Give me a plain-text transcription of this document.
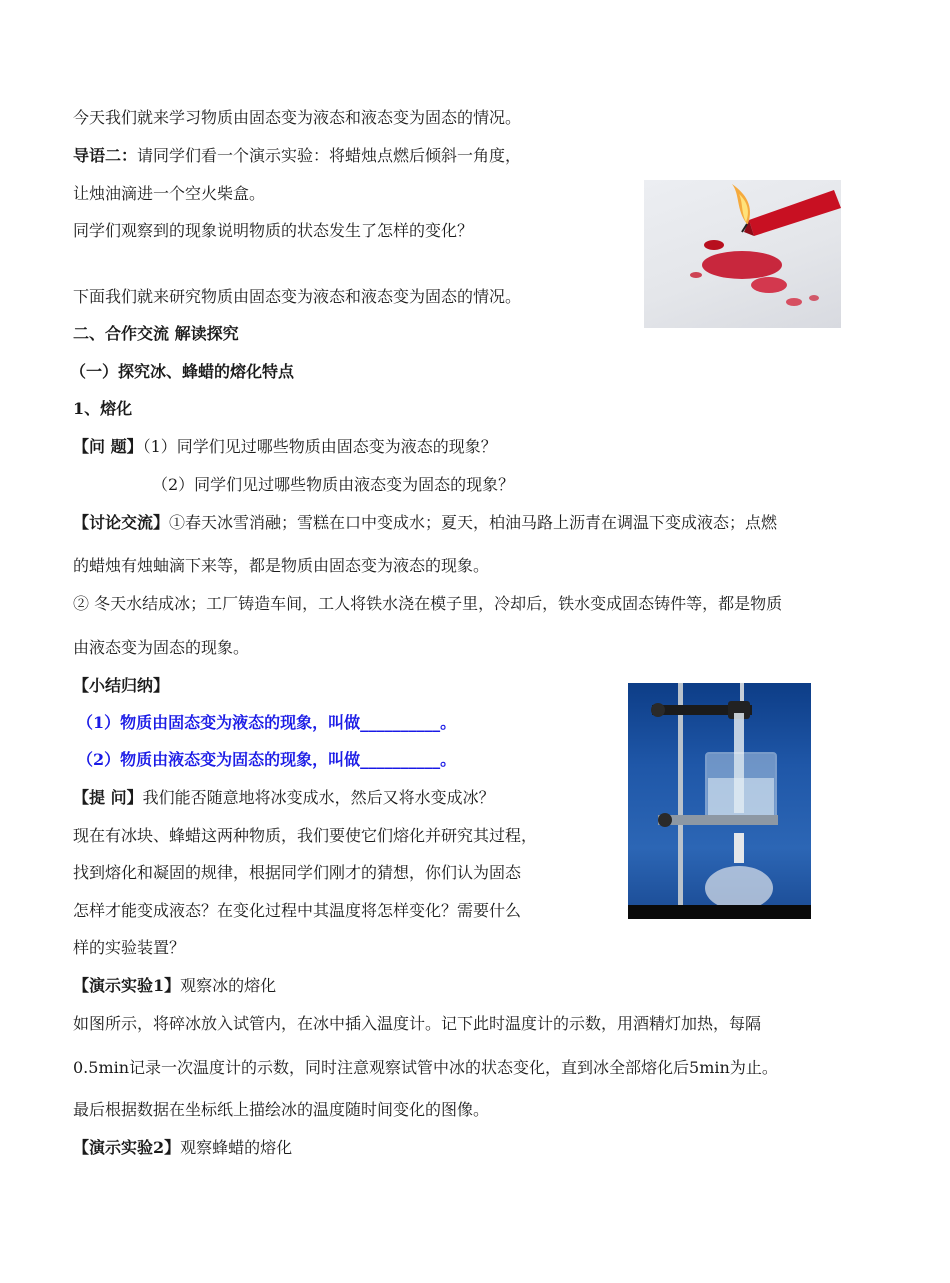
今天我们就来学习物质由固态变为液态和液态变为固态的情况。
导语二：请同学们看一个演示实验：将蜡烛点燃后倾斜一角度，
让烛油滴进一个空火柴盒。
同学们观察到的现象说明物质的状态发生了怎样的变化？
下面我们就来研究物质由固态变为液态和液态变为固态的情况。
二、合作交流 解读探究
（一）探究冰、蜂蜡的熔化特点
1、熔化
【问 题】（1）同学们见过哪些物质由固态变为液态的现象？
（2）同学们见过哪些物质由液态变为固态的现象？
【讨论交流】①春天冰雪消融；雪糕在口中变成水；夏天，柏油马路上沥青在调温下变成液态；点燃
的蜡烛有烛蚰滴下来等，都是物质由固态变为液态的现象。
② 冬天水结成冰；工厂铸造车间，工人将铁水浇在模子里，冷却后，铁水变成固态铸件等，都是物质
由液态变为固态的现象。
【小结归纳】
（1）物质由固态变为液态的现象，叫做__________。
（2）物质由液态变为固态的现象，叫做__________。
【提 问】我们能否随意地将冰变成水，然后又将水变成冰？
现在有冰块、蜂蜡这两种物质，我们要使它们熔化并研究其过程，
找到熔化和凝固的规律，根据同学们刚才的猜想，你们认为固态
怎样才能变成液态？在变化过程中其温度将怎样变化？需要什么
样的实验装置？
【演示实验1】观察冰的熔化
如图所示，将碎冰放入试管内，在冰中插入温度计。记下此时温度计的示数，用酒精灯加热，每隔
0.5min记录一次温度计的示数，同时注意观察试管中冰的状态变化，直到冰全部熔化后5min为止。
最后根据数据在坐标纸上描绘冰的温度随时间变化的图像。
【演示实验2】观察蜂蜡的熔化
